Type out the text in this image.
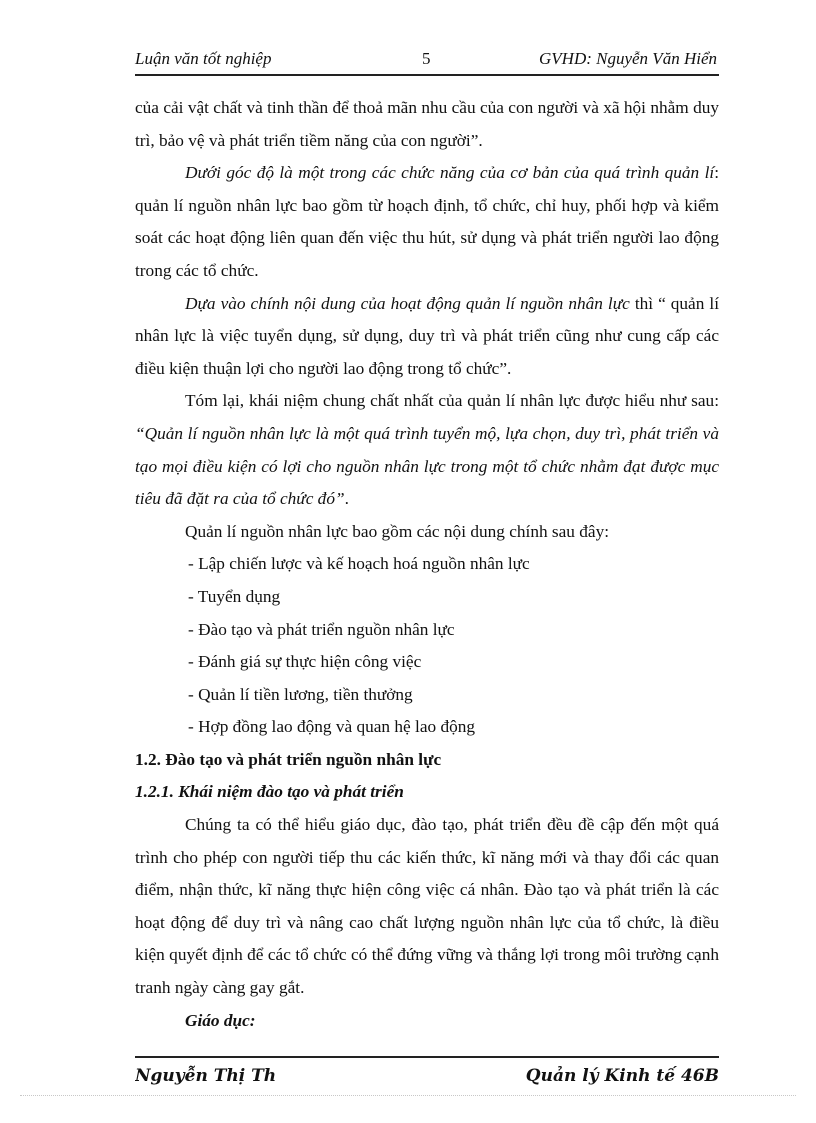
Luận văn tốt nghiệp	5	GVHD: Nguyễn Văn Hiển

của cải vật chất và tinh thần để thoả mãn nhu cầu của con người và xã hội nhằm duy trì, bảo vệ và phát triển tiềm năng của con người”.

Dưới góc độ là một trong các chức năng của cơ bản của quá trình quản lí: quản lí nguồn nhân lực bao gồm từ hoạch định, tổ chức, chỉ huy, phối hợp và kiểm soát các hoạt động liên quan đến việc thu hút, sử dụng và phát triển người lao động trong các tổ chức.

Dựa vào chính nội dung của hoạt động quản lí nguồn nhân lực thì “ quản lí nhân lực là việc tuyển dụng, sử dụng, duy trì và phát triển cũng như cung cấp các điều kiện thuận lợi cho người lao động trong tổ chức”.

Tóm lại, khái niệm chung chất nhất của quản lí nhân lực được hiểu như sau: “Quản lí nguồn nhân lực là một quá trình tuyển mộ, lựa chọn, duy trì, phát triển và tạo mọi điều kiện có lợi cho nguồn nhân lực trong một tổ chức nhằm đạt được mục tiêu đã đặt ra của tổ chức đó”.

Quản lí nguồn nhân lực bao gồm các nội dung chính sau đây:

- Lập chiến lược và kế hoạch hoá nguồn nhân lực

- Tuyển dụng

- Đào tạo và phát triển nguồn nhân lực

- Đánh giá sự thực hiện công việc

- Quản lí tiền lương, tiền thưởng

- Hợp đồng lao động và quan hệ lao động

1.2. Đào tạo và phát triển nguồn nhân lực

1.2.1. Khái niệm đào tạo và phát triển

Chúng ta có thể hiểu giáo dục, đào tạo, phát triển đều đề cập đến một quá trình cho phép con người tiếp thu các kiến thức, kĩ năng mới và thay đổi các quan điểm, nhận thức, kĩ năng thực hiện công việc cá nhân. Đào tạo và phát triển là các hoạt động để duy trì và nâng cao chất lượng nguồn nhân lực của tổ chức, là điều kiện quyết định để các tổ chức có thể đứng vững và thắng lợi trong môi trường cạnh tranh ngày càng gay gắt.

Giáo dục:

Nguyễn Thị Th	Quản lý Kinh tế 46B
